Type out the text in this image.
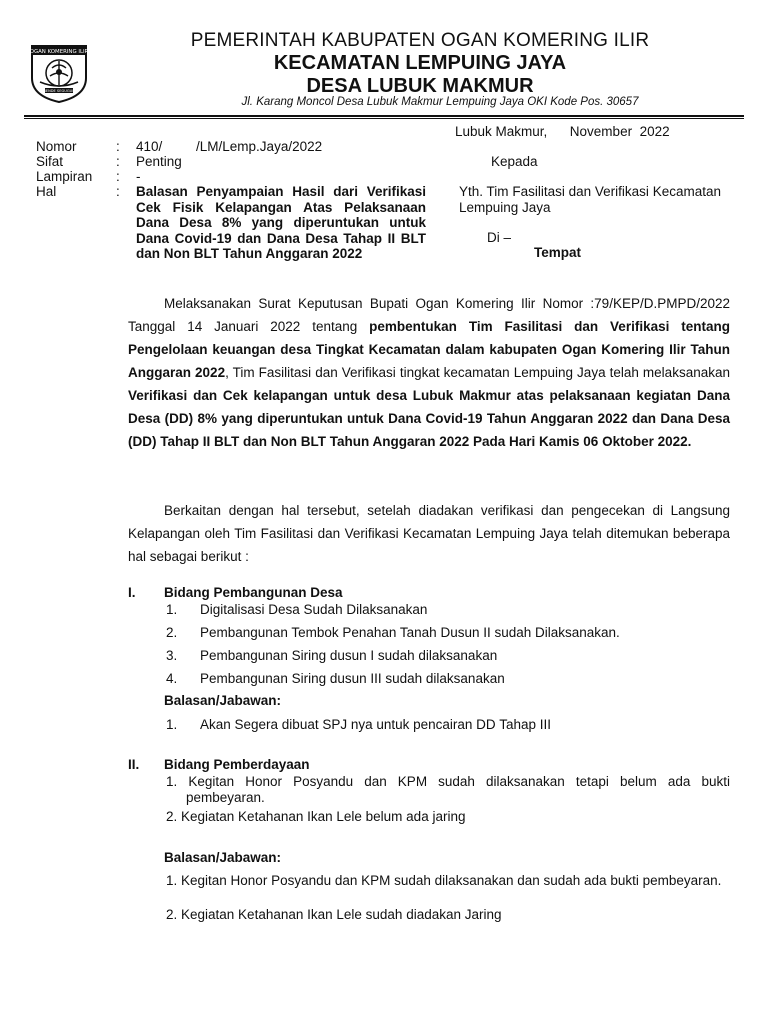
OGAN KOMERING ILIR
BENDE SEGUGUK
PEMERINTAH KABUPATEN OGAN KOMERING ILIR
KECAMATAN LEMPUING JAYA
DESA LUBUK MAKMUR
Jl. Karang Moncol Desa Lubuk Makmur Lempuing Jaya OKI Kode Pos. 30657
Lubuk Makmur,      November  2022
Nomor	: 410/         /LM/Lemp.Jaya/2022
Sifat	: Penting
Lampiran : -
Hal	: Balasan Penyampaian Hasil dari Verifikasi Cek Fisik Kelapangan Atas Pelaksanaan Dana Desa 8% yang diperuntukan untuk Dana Covid-19 dan Dana Desa Tahap II BLT dan Non BLT Tahun Anggaran 2022
Kepada
Yth. Tim Fasilitasi dan Verifikasi Kecamatan Lempuing Jaya
Di –
Tempat
Melaksanakan Surat Keputusan Bupati Ogan Komering Ilir Nomor :79/KEP/D.PMPD/2022 Tanggal 14 Januari 2022 tentang pembentukan Tim Fasilitasi dan Verifikasi tentang Pengelolaan keuangan desa Tingkat Kecamatan dalam kabupaten Ogan Komering Ilir Tahun Anggaran 2022, Tim Fasilitasi dan Verifikasi tingkat kecamatan Lempuing Jaya telah melaksanakan Verifikasi dan Cek kelapangan untuk desa Lubuk Makmur atas pelaksanaan kegiatan Dana Desa (DD) 8% yang diperuntukan untuk Dana Covid-19 Tahun Anggaran 2022 dan Dana Desa (DD) Tahap II BLT dan Non BLT Tahun Anggaran 2022 Pada Hari Kamis 06 Oktober 2022.
Berkaitan dengan hal tersebut, setelah diadakan verifikasi dan pengecekan di Langsung Kelapangan oleh Tim Fasilitasi dan Verifikasi Kecamatan Lempuing Jaya telah ditemukan beberapa hal sebagai berikut :
I. Bidang Pembangunan Desa
1. Digitalisasi Desa Sudah Dilaksanakan
2. Pembangunan Tembok Penahan Tanah Dusun II sudah Dilaksanakan.
3. Pembangunan Siring dusun I sudah dilaksanakan
4. Pembangunan Siring dusun III sudah dilaksanakan
Balasan/Jabawan:
1. Akan Segera dibuat SPJ nya untuk pencairan DD Tahap III
II. Bidang Pemberdayaan
1. Kegitan Honor Posyandu dan KPM sudah dilaksanakan tetapi belum ada bukti pembeyaran.
2. Kegiatan Ketahanan Ikan Lele belum ada jaring
Balasan/Jabawan:
1. Kegitan Honor Posyandu dan KPM sudah dilaksanakan dan sudah ada bukti pembeyaran.
2. Kegiatan Ketahanan Ikan Lele sudah diadakan Jaring
